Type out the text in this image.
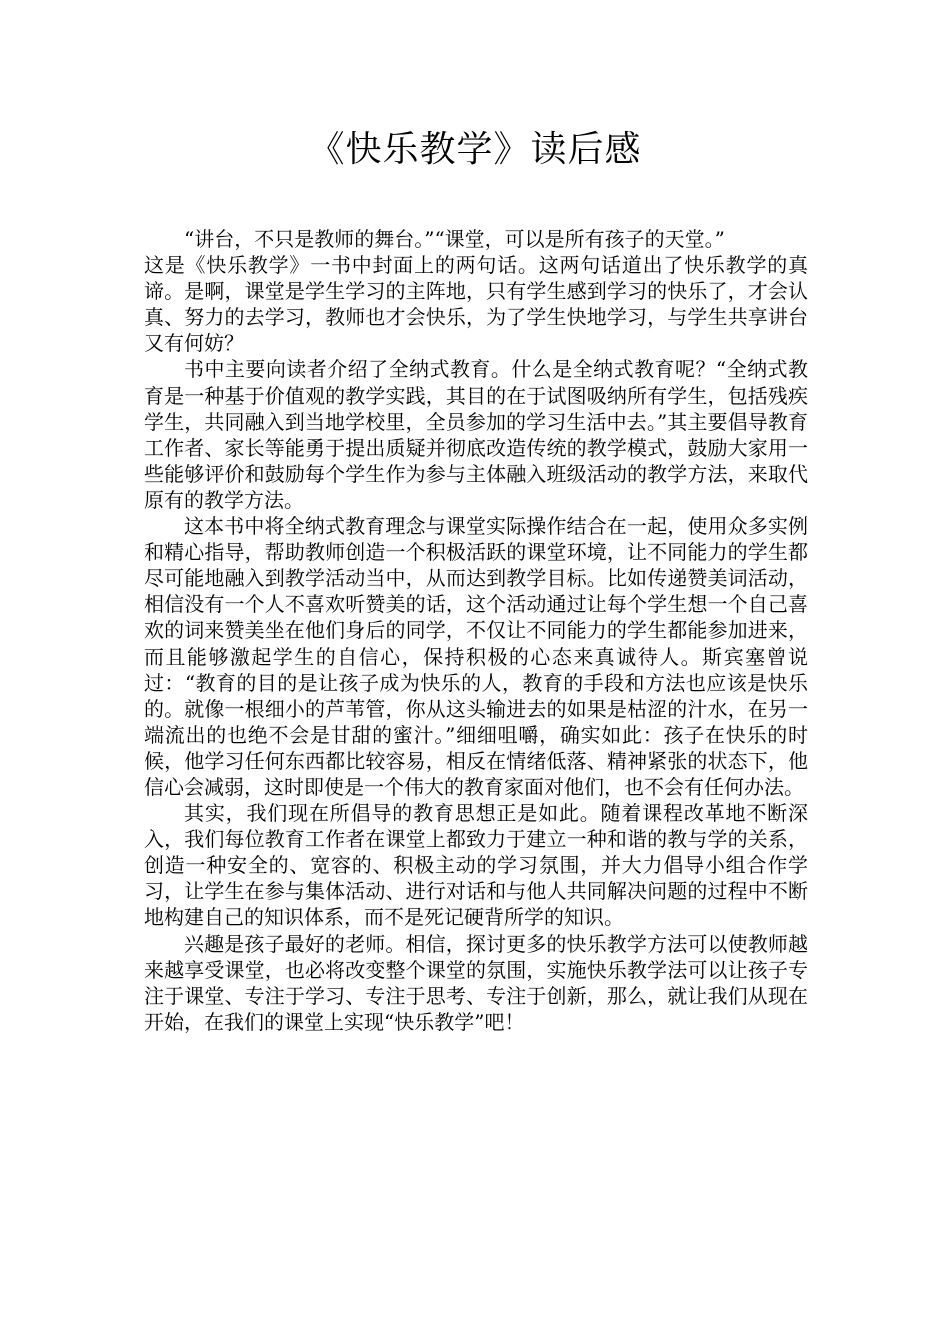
《快乐教学》读后感

“讲台，不只是教师的舞台。”“课堂，可以是所有孩子的天堂。”

这是《快乐教学》一书中封面上的两句话。这两句话道出了快乐教学的真谛。是啊，课堂是学生学习的主阵地，只有学生感到学习的快乐了，才会认真、努力的去学习，教师也才会快乐，为了学生快地学习，与学生共享讲台又有何妨？

书中主要向读者介绍了全纳式教育。什么是全纳式教育呢？“全纳式教育是一种基于价值观的教学实践，其目的在于试图吸纳所有学生，包括残疾学生，共同融入到当地学校里，全员参加的学习生活中去。”其主要倡导教育工作者、家长等能勇于提出质疑并彻底改造传统的教学模式，鼓励大家用一些能够评价和鼓励每个学生作为参与主体融入班级活动的教学方法，来取代原有的教学方法。

这本书中将全纳式教育理念与课堂实际操作结合在一起，使用众多实例和精心指导，帮助教师创造一个积极活跃的课堂环境，让不同能力的学生都尽可能地融入到教学活动当中，从而达到教学目标。比如传递赞美词活动，相信没有一个人不喜欢听赞美的话，这个活动通过让每个学生想一个自己喜欢的词来赞美坐在他们身后的同学，不仅让不同能力的学生都能参加进来，而且能够激起学生的自信心，保持积极的心态来真诚待人。斯宾塞曾说过：“教育的目的是让孩子成为快乐的人，教育的手段和方法也应该是快乐的。就像一根细小的芦苇管，你从这头输进去的如果是枯涩的汁水，在另一端流出的也绝不会是甘甜的蜜汁。”细细咀嚼，确实如此：孩子在快乐的时候，他学习任何东西都比较容易，相反在情绪低落、精神紧张的状态下，他信心会减弱，这时即使是一个伟大的教育家面对他们，也不会有任何办法。

其实，我们现在所倡导的教育思想正是如此。随着课程改革地不断深入，我们每位教育工作者在课堂上都致力于建立一种和谐的教与学的关系，创造一种安全的、宽容的、积极主动的学习氛围，并大力倡导小组合作学习，让学生在参与集体活动、进行对话和与他人共同解决问题的过程中不断地构建自己的知识体系，而不是死记硬背所学的知识。

兴趣是孩子最好的老师。相信，探讨更多的快乐教学方法可以使教师越来越享受课堂，也必将改变整个课堂的氛围，实施快乐教学法可以让孩子专注于课堂、专注于学习、专注于思考、专注于创新，那么，就让我们从现在开始，在我们的课堂上实现“快乐教学”吧！
